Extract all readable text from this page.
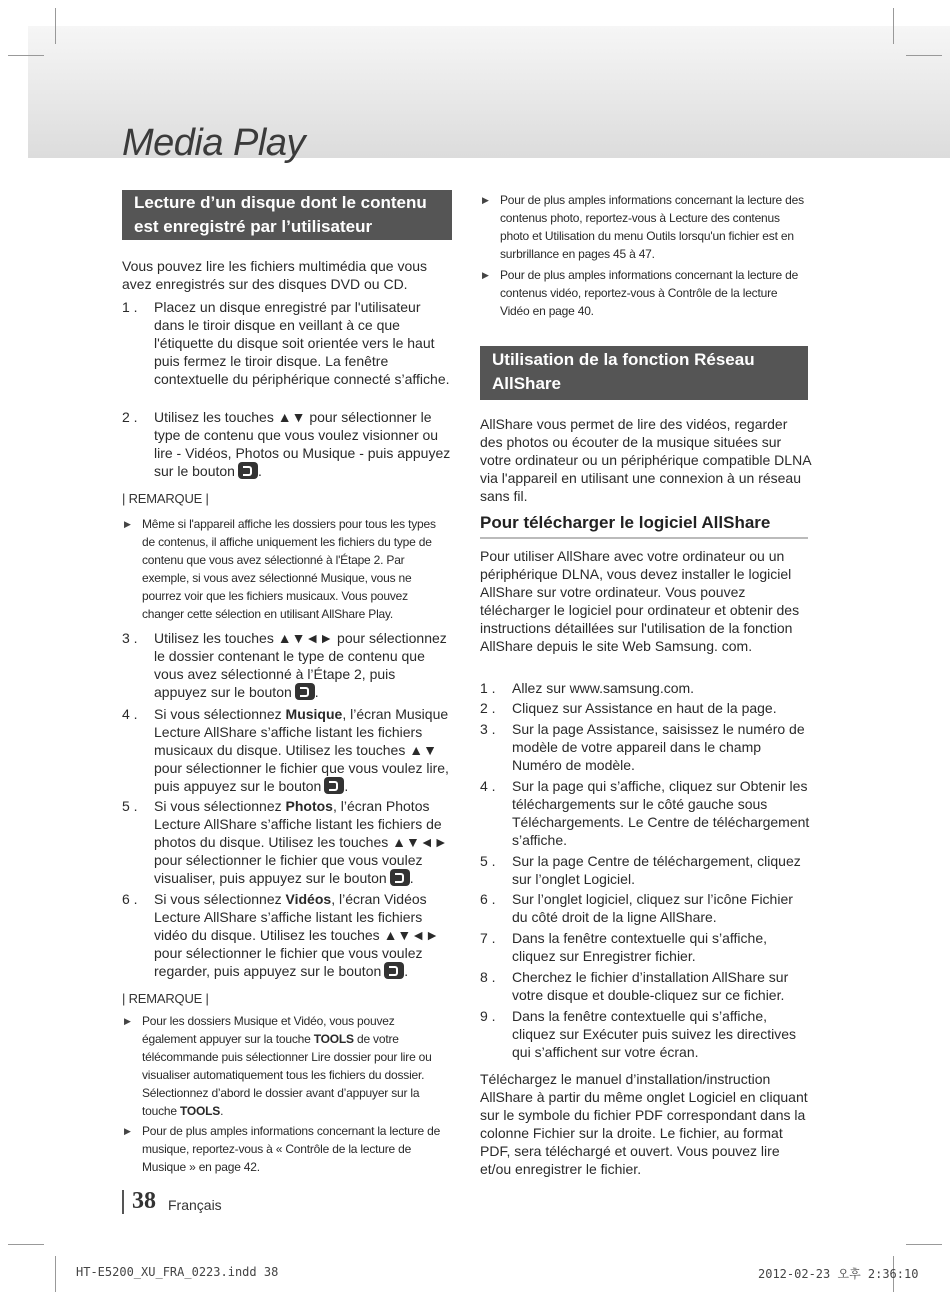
Media Play
Lecture d’un disque dont le contenu
est enregistré par l’utilisateur

Vous pouvez lire les fichiers multimédia que vous avez enregistrés sur des disques DVD ou CD.

1 .	Placez un disque enregistré par l'utilisateur dans le tiroir disque en veillant à ce que l'étiquette du disque soit orientée vers le haut puis fermez le tiroir disque. La fenêtre contextuelle du périphérique connecté s’affiche.
2 .	Utilisez les touches ▲▼ pour sélectionner le type de contenu que vous voulez visionner ou lire - Vidéos, Photos ou Musique - puis appuyez sur le bouton .
| REMARQUE |
▶ Même si l'appareil affiche les dossiers pour tous les types de contenus, il affiche uniquement les fichiers du type de contenu que vous avez sélectionné à l'Étape 2. Par exemple, si vous avez sélectionné Musique, vous ne pourrez voir que les fichiers musicaux. Vous pouvez changer cette sélection en utilisant AllShare Play.
3 .	Utilisez les touches ▲▼◄► pour sélectionnez le dossier contenant le type de contenu que vous avez sélectionné à l’Étape 2, puis appuyez sur le bouton .
4 .	Si vous sélectionnez Musique, l’écran Musique Lecture AllShare s’affiche listant les fichiers musicaux du disque. Utilisez les touches ▲▼ pour sélectionner le fichier que vous voulez lire, puis appuyez sur le bouton .
5 .	Si vous sélectionnez Photos, l’écran Photos Lecture AllShare s’affiche listant les fichiers de photos du disque. Utilisez les touches ▲▼◄► pour sélectionner le fichier que vous voulez visualiser, puis appuyez sur le bouton .
6 .	Si vous sélectionnez Vidéos, l’écran Vidéos Lecture AllShare s’affiche listant les fichiers vidéo du disque. Utilisez les touches ▲▼◄► pour sélectionner le fichier que vous voulez regarder, puis appuyez sur le bouton .
| REMARQUE |
▶ Pour les dossiers Musique et Vidéo, vous pouvez également appuyer sur la touche TOOLS de votre télécommande puis sélectionner Lire dossier pour lire ou visualiser automatiquement tous les fichiers du dossier. Sélectionnez d’abord le dossier avant d’appuyer sur la touche TOOLS.
▶ Pour de plus amples informations concernant la lecture de musique, reportez-vous à « Contrôle de la lecture de Musique » en page 42.
▶ Pour de plus amples informations concernant la lecture des contenus photo, reportez-vous à Lecture des contenus photo et Utilisation du menu Outils lorsqu'un fichier est en surbrillance en pages 45 à 47.
▶ Pour de plus amples informations concernant la lecture de contenus vidéo, reportez-vous à Contrôle de la lecture Vidéo en page 40.
Utilisation de la fonction Réseau
AllShare

AllShare vous permet de lire des vidéos, regarder des photos ou écouter de la musique situées sur votre ordinateur ou un périphérique compatible DLNA via l'appareil en utilisant une connexion à un réseau sans fil.

Pour télécharger le logiciel AllShare

Pour utiliser AllShare avec votre ordinateur ou un périphérique DLNA, vous devez installer le logiciel AllShare sur votre ordinateur. Vous pouvez télécharger le logiciel pour ordinateur et obtenir des instructions détaillées sur l'utilisation de la fonction AllShare depuis le site Web Samsung. com.

1 .	Allez sur www.samsung.com.
2 .	Cliquez sur Assistance en haut de la page.
3 .	Sur la page Assistance, saisissez le numéro de modèle de votre appareil dans le champ Numéro de modèle.
4 .	Sur la page qui s’affiche, cliquez sur Obtenir les téléchargements sur le côté gauche sous Téléchargements. Le Centre de téléchargement s’affiche.
5 .	Sur la page Centre de téléchargement, cliquez sur l’onglet Logiciel.
6 .	Sur l’onglet logiciel, cliquez sur l’icône Fichier du côté droit de la ligne AllShare.
7 .	Dans la fenêtre contextuelle qui s’affiche, cliquez sur Enregistrer fichier.
8 .	Cherchez le fichier d’installation AllShare sur votre disque et double-cliquez sur ce fichier.
9 .	Dans la fenêtre contextuelle qui s’affiche, cliquez sur Exécuter puis suivez les directives qui s’affichent sur votre écran.

Téléchargez le manuel d’installation/instruction AllShare à partir du même onglet Logiciel en cliquant sur le symbole du fichier PDF correspondant dans la colonne Fichier sur la droite. Le fichier, au format PDF, sera téléchargé et ouvert. Vous pouvez lire et/ou enregistrer le fichier.

38 Français
HT-E5200_XU_FRA_0223.indd 38	2012-02-23 오후 2:36:10
